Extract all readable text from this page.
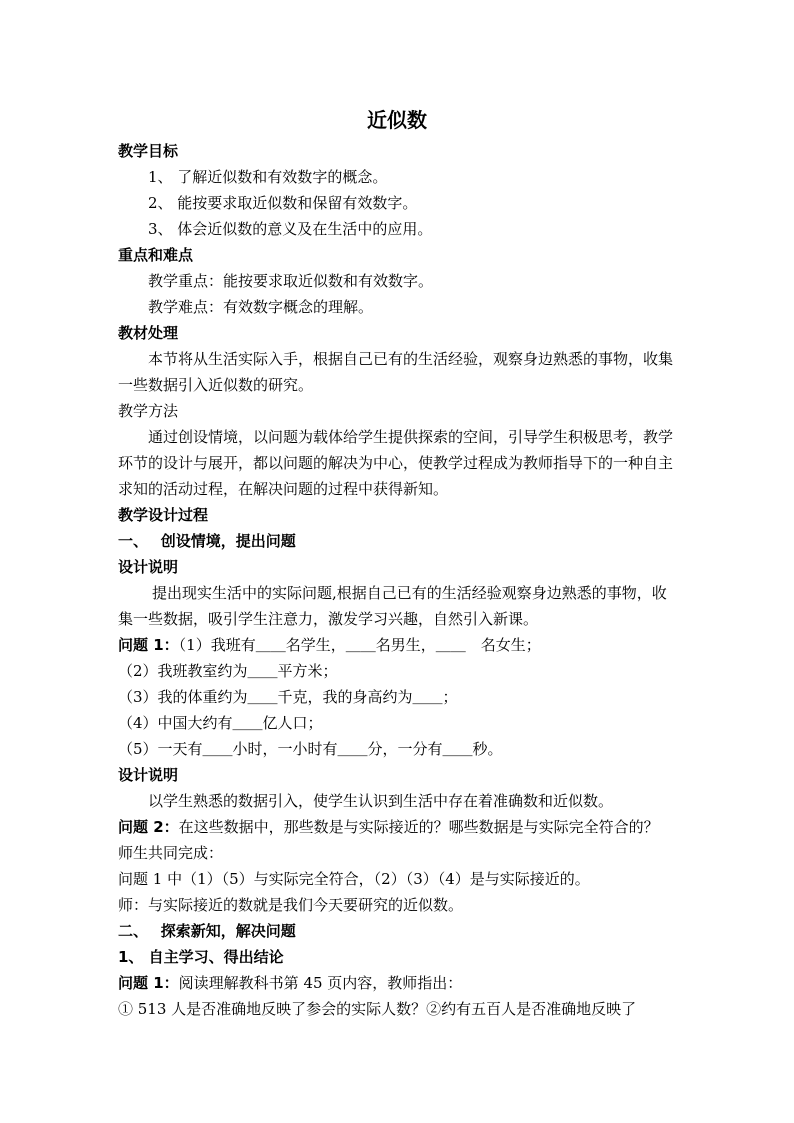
近似数

教学目标

1、 了解近似数和有效数字的概念。

2、 能按要求取近似数和保留有效数字。

3、 体会近似数的意义及在生活中的应用。

重点和难点

教学重点：能按要求取近似数和有效数字。

教学难点：有效数字概念的理解。

教材处理

本节将从生活实际入手，根据自己已有的生活经验，观察身边熟悉的事物，收集一些数据引入近似数的研究。

教学方法

通过创设情境，以问题为载体给学生提供探索的空间，引导学生积极思考，教学环节的设计与展开，都以问题的解决为中心，使教学过程成为教师指导下的一种自主求知的活动过程，在解决问题的过程中获得新知。

教学设计过程

一、　 创设情境，提出问题

设计说明

提出现实生活中的实际问题,根据自己已有的生活经验观察身边熟悉的事物，收集一些数据，吸引学生注意力，激发学习兴趣，自然引入新课。

问题 1：（1）我班有＿＿名学生，＿＿名男生，＿＿　名女生；

（2）我班教室约为＿＿平方米；

（3）我的体重约为＿＿千克，我的身高约为＿＿；

（4）中国大约有＿＿亿人口；

（5）一天有＿＿小时，一小时有＿＿分，一分有＿＿秒。

设计说明

以学生熟悉的数据引入，使学生认识到生活中存在着准确数和近似数。

问题 2：在这些数据中，那些数是与实际接近的？哪些数据是与实际完全符合的？

师生共同完成：

问题 1 中（1）（5）与实际完全符合，（2）（3）（4）是与实际接近的。

师：与实际接近的数就是我们今天要研究的近似数。

二、　 探索新知，解决问题

1、 自主学习、得出结论

问题 1：阅读理解教科书第 45 页内容，教师指出：

① 513 人是否准确地反映了参会的实际人数？②约有五百人是否准确地反映了
